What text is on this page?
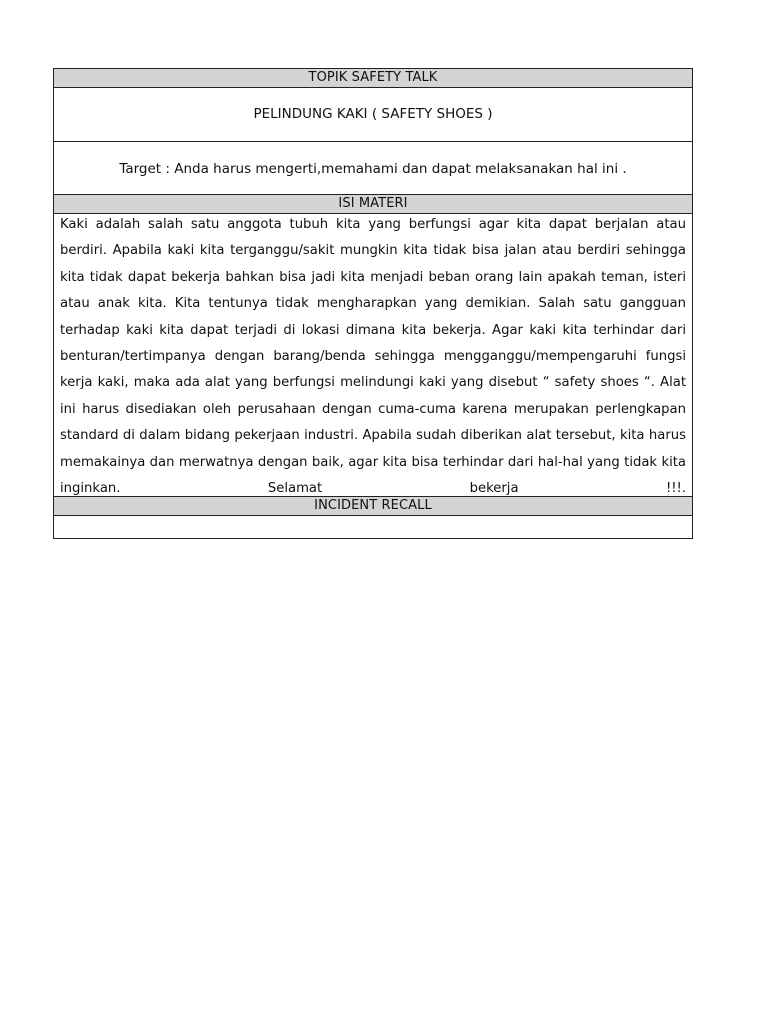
TOPIK SAFETY TALK
PELINDUNG KAKI ( SAFETY SHOES )
Target : Anda harus mengerti,memahami dan dapat melaksanakan hal ini .
ISI MATERI
Kaki adalah salah satu anggota tubuh kita yang berfungsi agar kita dapat berjalan atau berdiri. Apabila kaki kita terganggu/sakit mungkin kita tidak bisa jalan atau berdiri sehingga kita tidak dapat bekerja bahkan bisa jadi kita menjadi beban orang lain apakah teman, isteri atau anak kita. Kita tentunya tidak mengharapkan yang demikian. Salah satu gangguan terhadap kaki kita dapat terjadi di lokasi dimana kita bekerja. Agar kaki kita terhindar dari benturan/tertimpanya dengan barang/benda sehingga mengganggu/mempengaruhi fungsi kerja kaki, maka ada alat yang berfungsi melindungi kaki yang disebut “ safety shoes “. Alat ini harus disediakan oleh perusahaan dengan cuma-cuma karena merupakan perlengkapan standard di dalam bidang pekerjaan industri. Apabila sudah diberikan alat tersebut, kita harus memakainya dan merwatnya dengan baik, agar kita bisa terhindar dari hal-hal yang tidak kita inginkan. Selamat bekerja !!!.
INCIDENT RECALL
